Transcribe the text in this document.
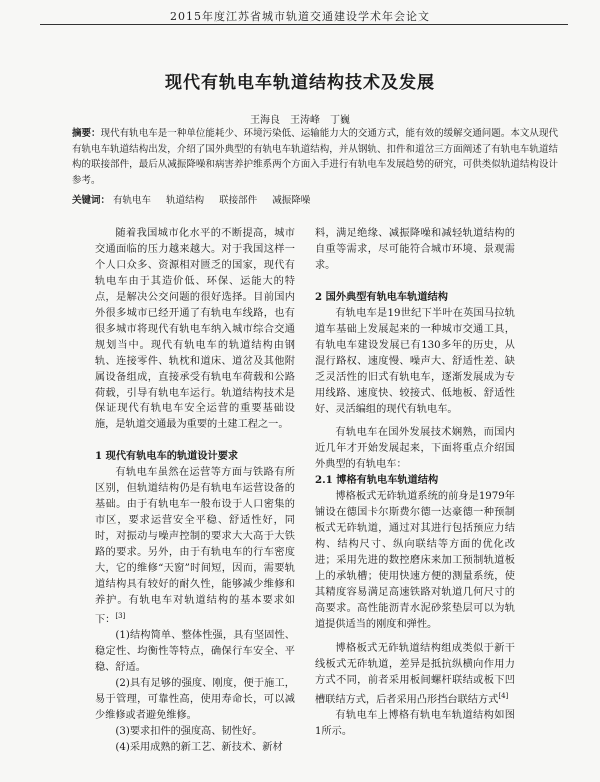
2015年度江苏省城市轨道交通建设学术年会论文
现代有轨电车轨道结构技术及发展
王海良　王涛峰　丁巍
摘要：现代有轨电车是一种单位能耗少、环境污染低、运输能力大的交通方式，能有效的缓解交通问题。本文从现代有轨电车轨道结构出发，介绍了国外典型的有轨电车轨道结构，并从钢轨、扣件和道岔三方面阐述了有轨电车轨道结构的联接部件，最后从减振降噪和病害养护维系两个方面入手进行有轨电车发展趋势的研究，可供类似轨道结构设计参考。
关键词： 有轨电车 轨道结构 联接部件 减振降噪

随着我国城市化水平的不断提高，城市交通面临的压力越来越大。对于我国这样一个人口众多、资源相对匮乏的国家，现代有轨电车由于其造价低、环保、运能大的特点，是解决公交问题的很好选择。目前国内外很多城市已经开通了有轨电车线路，也有很多城市将现代有轨电车纳入城市综合交通规划当中。现代有轨电车的轨道结构由钢轨、连接零件、轨枕和道床、道岔及其他附属设备组成，直接承受有轨电车荷载和公路荷载，引导有轨电车运行。轨道结构技术是保证现代有轨电车安全运营的重要基础设施，是轨道交通最为重要的土建工程之一。

1 现代有轨电车的轨道设计要求

有轨电车虽然在运营等方面与铁路有所区别，但轨道结构仍是有轨电车运营设备的基础。由于有轨电车一般布设于人口密集的市区，要求运营安全平稳、舒适性好，同时，对振动与噪声控制的要求大大高于大铁路的要求。另外，由于有轨电车的行车密度大，它的维修“天窗”时间短，因而，需要轨道结构具有较好的耐久性，能够减少维修和养护。有轨电车对轨道结构的基本要求如下：[3]

(1)结构简单、整体性强，具有坚固性、稳定性、均衡性等特点，确保行车安全、平稳、舒适。

(2)具有足够的强度、刚度，便于施工，易于管理，可靠性高，使用寿命长，可以减少维修或者避免维修。

(3)要求扣件的强度高、韧性好。

(4)采用成熟的新工艺、新技术、新材

料，满足绝缘、减振降噪和减轻轨道结构的自重等需求，尽可能符合城市环境、景观需求。

2 国外典型有轨电车轨道结构

有轨电车是19世纪下半叶在英国马拉轨道车基础上发展起来的一种城市交通工具，有轨电车建设发展已有130多年的历史，从混行路权、速度慢、噪声大、舒适性差、缺乏灵活性的旧式有轨电车，逐渐发展成为专用线路、速度快、较接式、低地板、舒适性好、灵活编组的现代有轨电车。

有轨电车在国外发展技术娴熟，而国内近几年才开始发展起来，下面将重点介绍国外典型的有轨电车：

2.1 博格有轨电车轨道结构

博格板式无砟轨道系统的前身是1979年铺设在德国卡尔斯费尔德一达豪德一种预制板式无砟轨道，通过对其进行包括预应力结构、结构尺寸、纵向联结等方面的优化改进；采用先进的数控磨床来加工预制轨道板上的承轨槽；使用快速方便的测量系统，使其精度容易满足高速铁路对轨道几何尺寸的高要求。高性能沥青水泥砂浆垫层可以为轨道提供适当的刚度和弹性。

博格板式无砟轨道结构组成类似于新干线板式无砟轨道，差异是抵抗纵横向作用力方式不同，前者采用板间螺杆联结或板下凹槽联结方式，后者采用凸形挡台联结方式[4]

有轨电车上博格有轨电车轨道结构如图1所示。
